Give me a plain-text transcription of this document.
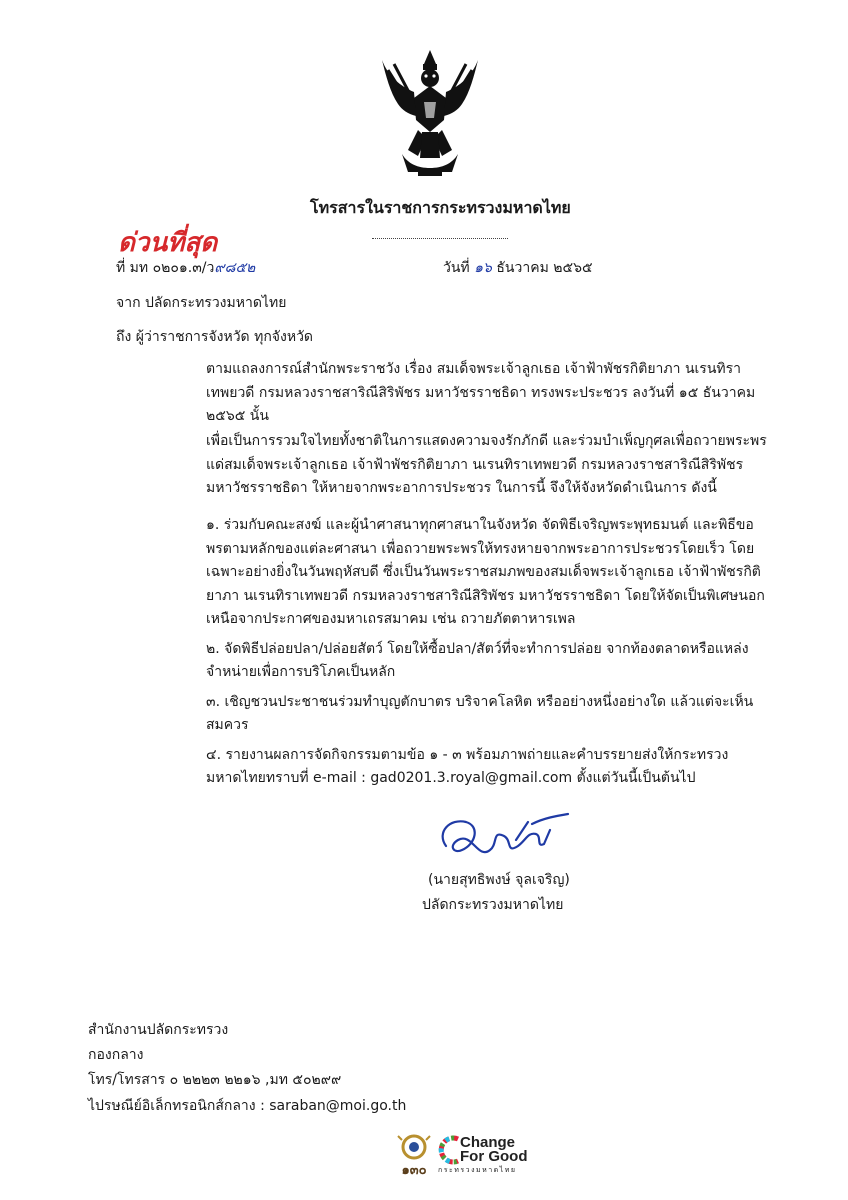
โทรสารในราชการกระทรวงมหาดไทย
ด่วนที่สุด
ที่ มท ๐๒๐๑.๓/ว๙๘๕๒	วันที่ ๑๖ ธันวาคม ๒๕๖๕
จาก ปลัดกระทรวงมหาดไทย
ถึง ผู้ว่าราชการจังหวัด ทุกจังหวัด

ตามแถลงการณ์สำนักพระราชวัง เรื่อง สมเด็จพระเจ้าลูกเธอ เจ้าฟ้าพัชรกิติยาภา นเรนทิราเทพยวดี กรมหลวงราชสาริณีสิริพัชร มหาวัชรราชธิดา ทรงพระประชวร ลงวันที่ ๑๕ ธันวาคม ๒๕๖๕ นั้น

เพื่อเป็นการรวมใจไทยทั้งชาติในการแสดงความจงรักภักดี และร่วมบำเพ็ญกุศลเพื่อถวายพระพรแด่สมเด็จพระเจ้าลูกเธอ เจ้าฟ้าพัชรกิติยาภา นเรนทิราเทพยวดี กรมหลวงราชสาริณีสิริพัชร มหาวัชรราชธิดา ให้หายจากพระอาการประชวร ในการนี้ จึงให้จังหวัดดำเนินการ ดังนี้

๑. ร่วมกับคณะสงฆ์ และผู้นำศาสนาทุกศาสนาในจังหวัด จัดพิธีเจริญพระพุทธมนต์ และพิธีขอพรตามหลักของแต่ละศาสนา เพื่อถวายพระพรให้ทรงหายจากพระอาการประชวรโดยเร็ว โดยเฉพาะอย่างยิ่งในวันพฤหัสบดี ซึ่งเป็นวันพระราชสมภพของสมเด็จพระเจ้าลูกเธอ เจ้าฟ้าพัชรกิติยาภา นเรนทิราเทพยวดี กรมหลวงราชสาริณีสิริพัชร มหาวัชรราชธิดา โดยให้จัดเป็นพิเศษนอกเหนือจากประกาศของมหาเถรสมาคม เช่น ถวายภัตตาหารเพล

๒. จัดพิธีปล่อยปลา/ปล่อยสัตว์ โดยให้ซื้อปลา/สัตว์ที่จะทำการปล่อย จากท้องตลาดหรือแหล่งจำหน่ายเพื่อการบริโภคเป็นหลัก

๓. เชิญชวนประชาชนร่วมทำบุญตักบาตร บริจาคโลหิต หรืออย่างหนึ่งอย่างใด แล้วแต่จะเห็นสมควร

๔. รายงานผลการจัดกิจกรรมตามข้อ ๑ - ๓ พร้อมภาพถ่ายและคำบรรยายส่งให้กระทรวงมหาดไทยทราบที่ e-mail : gad0201.3.royal@gmail.com ตั้งแต่วันนี้เป็นต้นไป

(นายสุทธิพงษ์ จุลเจริญ)
ปลัดกระทรวงมหาดไทย
สำนักงานปลัดกระทรวง
กองกลาง
โทร/โทรสาร ๐ ๒๒๒๓ ๒๒๑๖ ,มท ๕๐๒๙๙
ไปรษณีย์อิเล็กทรอนิกส์กลาง : saraban@moi.go.th
๑๓๐
Change
For Good
กระทรวงมหาดไทย
